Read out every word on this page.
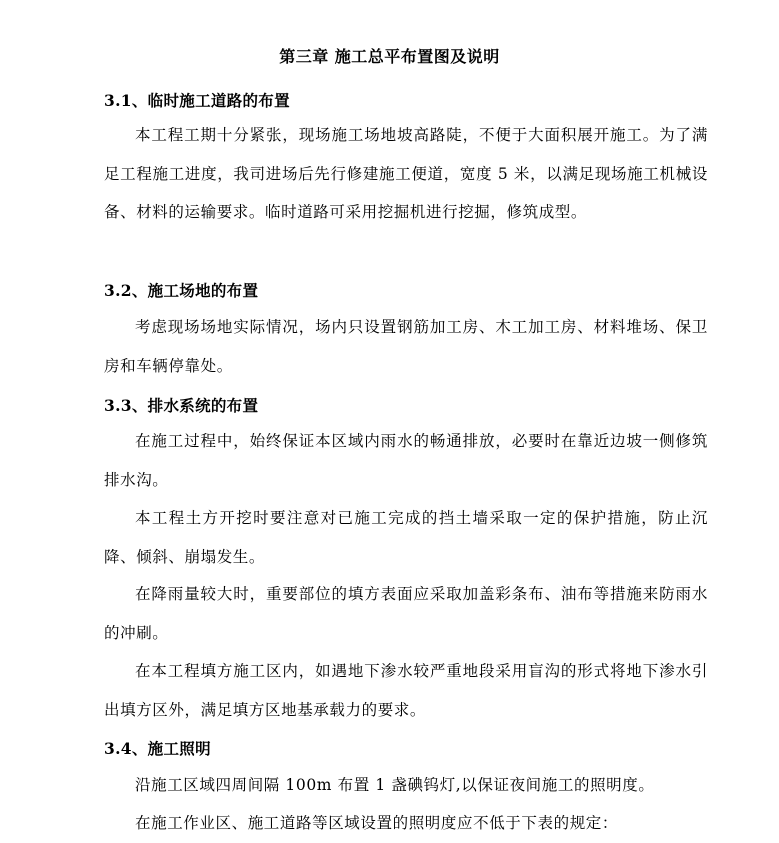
第三章 施工总平布置图及说明
3.1、临时施工道路的布置
本工程工期十分紧张，现场施工场地坡高路陡，不便于大面积展开施工。为了满足工程施工进度，我司进场后先行修建施工便道，宽度 5 米，以满足现场施工机械设备、材料的运输要求。临时道路可采用挖掘机进行挖掘，修筑成型。
3.2、施工场地的布置
考虑现场场地实际情况，场内只设置钢筋加工房、木工加工房、材料堆场、保卫房和车辆停靠处。
3.3、排水系统的布置
在施工过程中，始终保证本区域内雨水的畅通排放，必要时在靠近边坡一侧修筑排水沟。
本工程土方开挖时要注意对已施工完成的挡土墙采取一定的保护措施，防止沉降、倾斜、崩塌发生。
在降雨量较大时，重要部位的填方表面应采取加盖彩条布、油布等措施来防雨水的冲刷。
在本工程填方施工区内，如遇地下渗水较严重地段采用盲沟的形式将地下渗水引出填方区外，满足填方区地基承载力的要求。
3.4、施工照明
沿施工区域四周间隔 100m 布置 1 盏碘钨灯,以保证夜间施工的照明度。
在施工作业区、施工道路等区域设置的照明度应不低于下表的规定：
